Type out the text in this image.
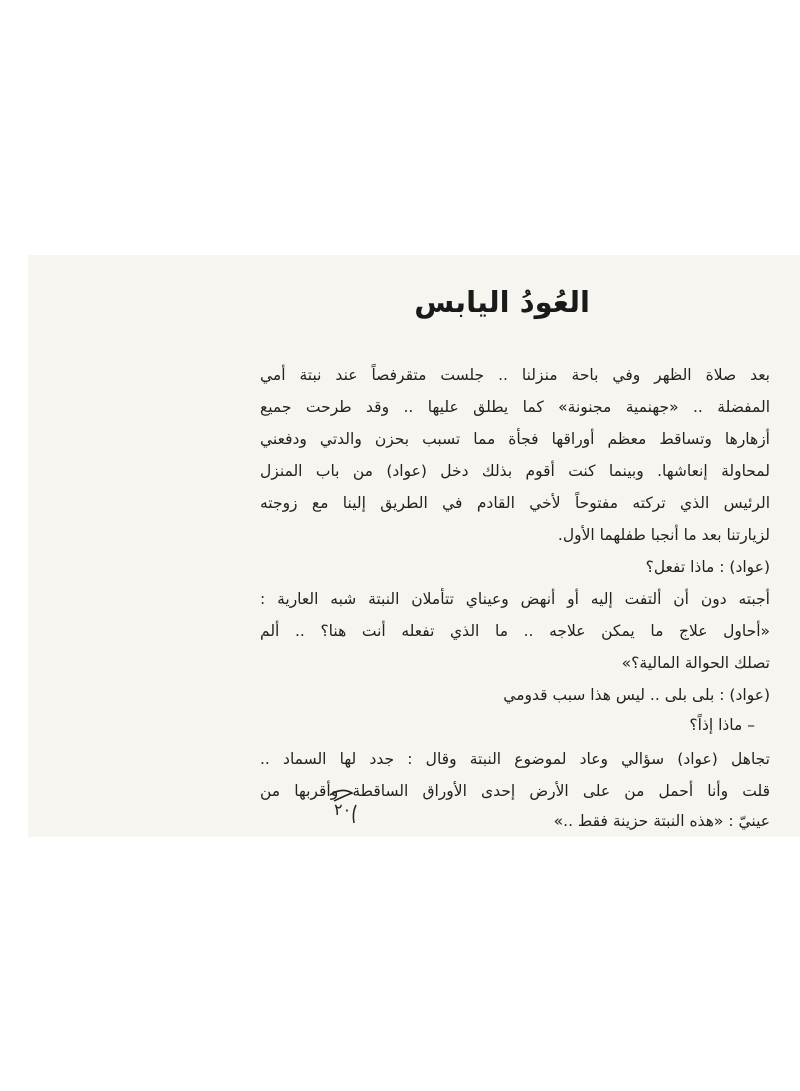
العُودُ اليابس
بعد صلاة الظهر وفي باحة منزلنا .. جلست متقرفصاً عند نبتة أمي
المفضلة .. «جهنمية مجنونة» كما يطلق عليها .. وقد طرحت جميع
أزهارها وتساقط معظم أوراقها فجأة مما تسبب بحزن والدتي ودفعني
لمحاولة إنعاشها. وبينما كنت أقوم بذلك دخل (عواد) من باب المنزل
الرئيس الذي تركته مفتوحاً لأخي القادم في الطريق إلينا مع زوجته
لزيارتنا بعد ما أنجبا طفلهما الأول.
(عواد) : ماذا تفعل؟
أجبته دون أن ألتفت إليه أو أنهض وعيناي تتأملان النبتة شبه العارية :
«أحاول علاج ما يمكن علاجه .. ما الذي تفعله أنت هنا؟ .. ألم
تصلك الحوالة المالية؟»
(عواد) : بلى بلى .. ليس هذا سبب قدومي
– ماذا إذاً؟
تجاهل (عواد) سؤالي وعاد لموضوع النبتة وقال : جدد لها السماد ..
قلت وأنا أحمل من على الأرض إحدى الأوراق الساقطة وأقربها من
عينيّ : «هذه النبتة حزينة فقط ..»
٢٠
